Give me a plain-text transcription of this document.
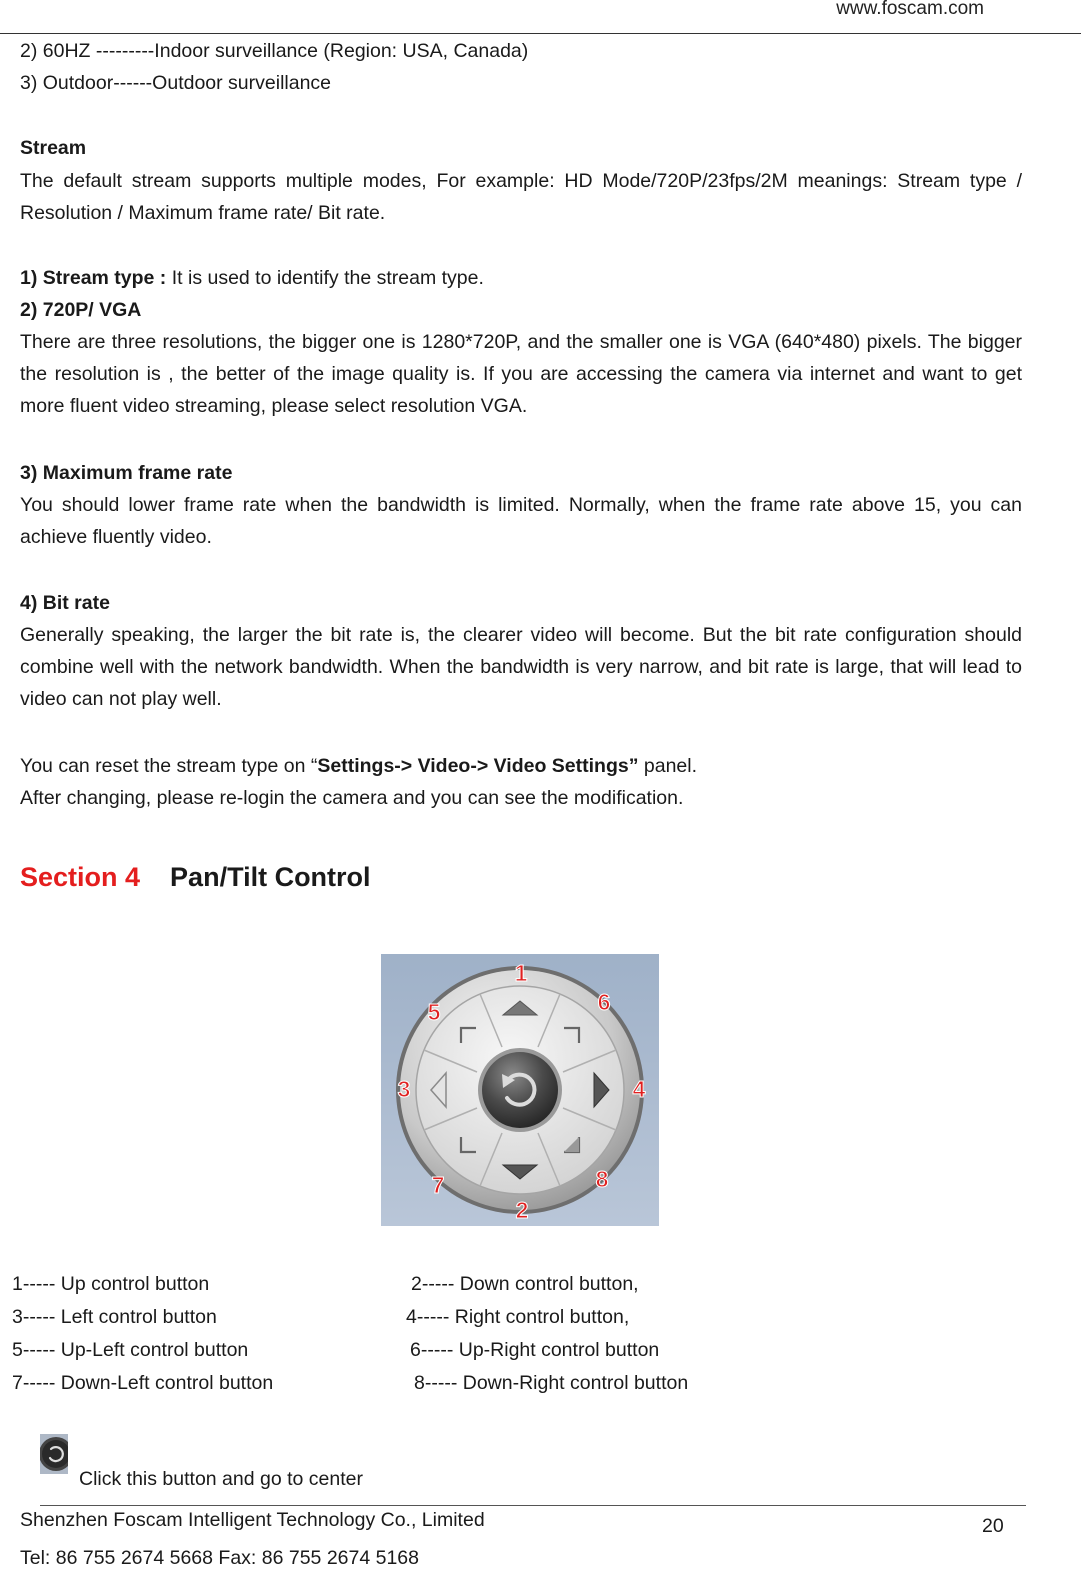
www.foscam.com

2) 60HZ ---------Indoor surveillance (Region: USA, Canada)

3) Outdoor------Outdoor surveillance

Stream

The default stream supports multiple modes, For example: HD Mode/720P/23fps/2M meanings: Stream type / Resolution / Maximum frame rate/ Bit rate.

1) Stream type : It is used to identify the stream type.

2) 720P/ VGA

There are three resolutions, the bigger one is 1280*720P, and the smaller one is VGA (640*480) pixels. The bigger the resolution is , the better of the image quality is. If you are accessing the camera via internet and want to get more fluent video streaming, please select resolution VGA.

3) Maximum frame rate

You should lower frame rate when the bandwidth is limited. Normally, when the frame rate above 15, you can achieve fluently video.

4) Bit rate

Generally speaking, the larger the bit rate is, the clearer video will become. But the bit rate configuration should combine well with the network bandwidth. When the bandwidth is very narrow, and bit rate is large, that will lead to video can not play well.

You can reset the stream type on “Settings-> Video-> Video Settings” panel.

After changing, please re-login the camera and you can see the modification.

Section 4 Pan/Tilt Control
1
2
3	4
5	6
7	8
1----- Up control button	2----- Down control button,
3----- Left control button	4----- Right control button,
5----- Up-Left control button	6----- Up-Right control button
7----- Down-Left control button	8----- Down-Right control button
Click this button and go to center
Shenzhen Foscam Intelligent Technology Co., Limited	20
Tel: 86 755 2674 5668 Fax: 86 755 2674 5168
